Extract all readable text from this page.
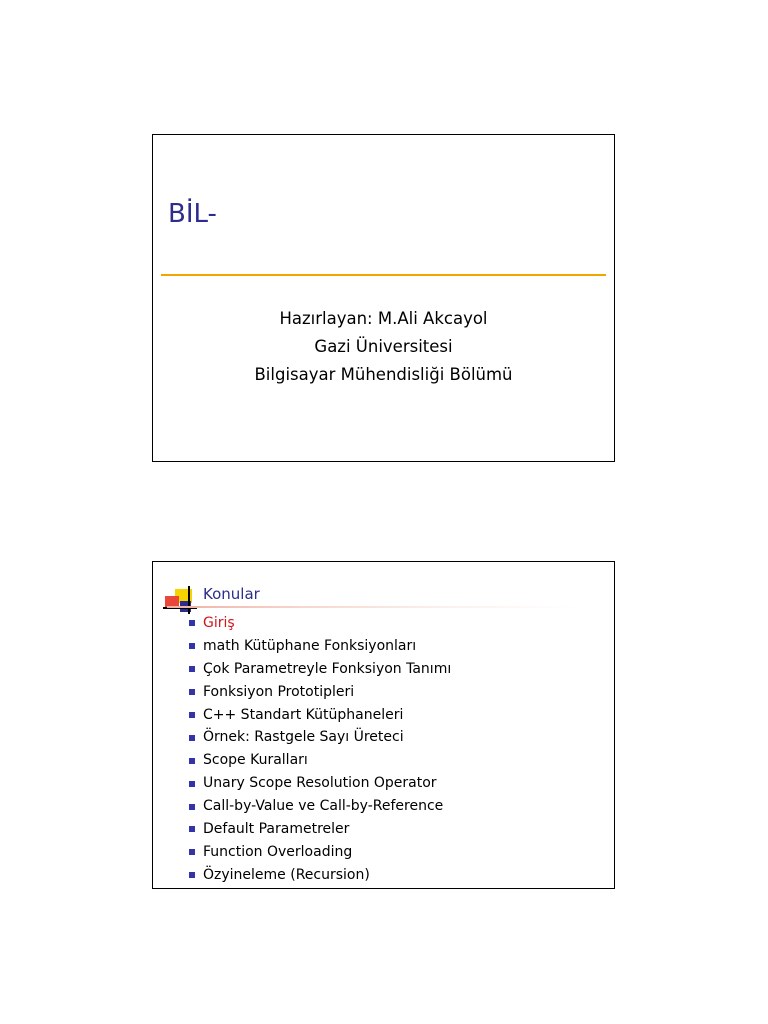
BİL-
Hazırlayan: M.Ali Akcayol
Gazi Üniversitesi
Bilgisayar Mühendisliği Bölümü
Konular
Giriş
math Kütüphane Fonksiyonları
Çok Parametreyle Fonksiyon Tanımı
Fonksiyon Prototipleri
C++ Standart Kütüphaneleri
Örnek: Rastgele Sayı Üreteci
Scope Kuralları
Unary Scope Resolution Operator
Call-by-Value ve Call-by-Reference
Default Parametreler
Function Overloading
Özyineleme (Recursion)
